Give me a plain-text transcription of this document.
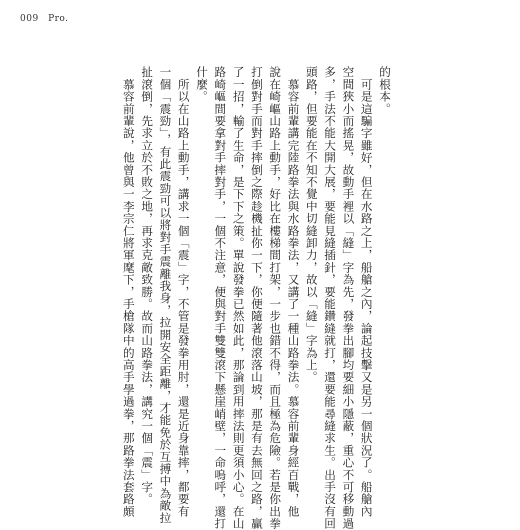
009 Pro.

的根本。

　可是這騙字雖好，但在水路之上，船艙之內，論起技擊又是另一個狀況了。船艙內

空間狹小而搖晃，故動手裡以「縫」字為先，發拳出腳均要細小隱蔽，重心不可移動過

多，手法不能大開大展，要能見縫插針，要能鑽縫就打，還要能尋縫求生。出手沒有回

頭路，但要能在不知不覺中切縫卸力，故以「縫」字為上。

　慕容前輩講完陸路拳法與水路拳法，又講了一種山路拳法。慕容前輩身經百戰，他

說在崎嶇山路上動手，好比在樓梯間打架，一步也錯不得，而且極為危險。若是你出拳

打倒對手而對手摔倒之際趁機扯你一下，你便隨著他滾落山坡，那是有去無回之路，贏

了一招，輸了生命，是下下之策。單說發拳已然如此，那論到用摔法則更須小心。在山

路崎嶇間要拿對手摔對手，一個不注意，便與對手雙雙滾下懸崖峭壁，一命嗚呼，還打

什麼。

　所以在山路上動手，講求一個「震」字，不管是發拳用肘，還是近身靠摔，都要有

一個「震勁」，有此震勁可以將對手震離我身，拉開安全距離，才能免於互搏中為敵拉

扯滾倒，先求立於不敗之地，再求克敵致勝。故而山路拳法，講究一個「震」字。

　慕容前輩說，他曾與一李宗仁將軍麾下，手槍隊中的高手學過拳，那路拳法套路頗
